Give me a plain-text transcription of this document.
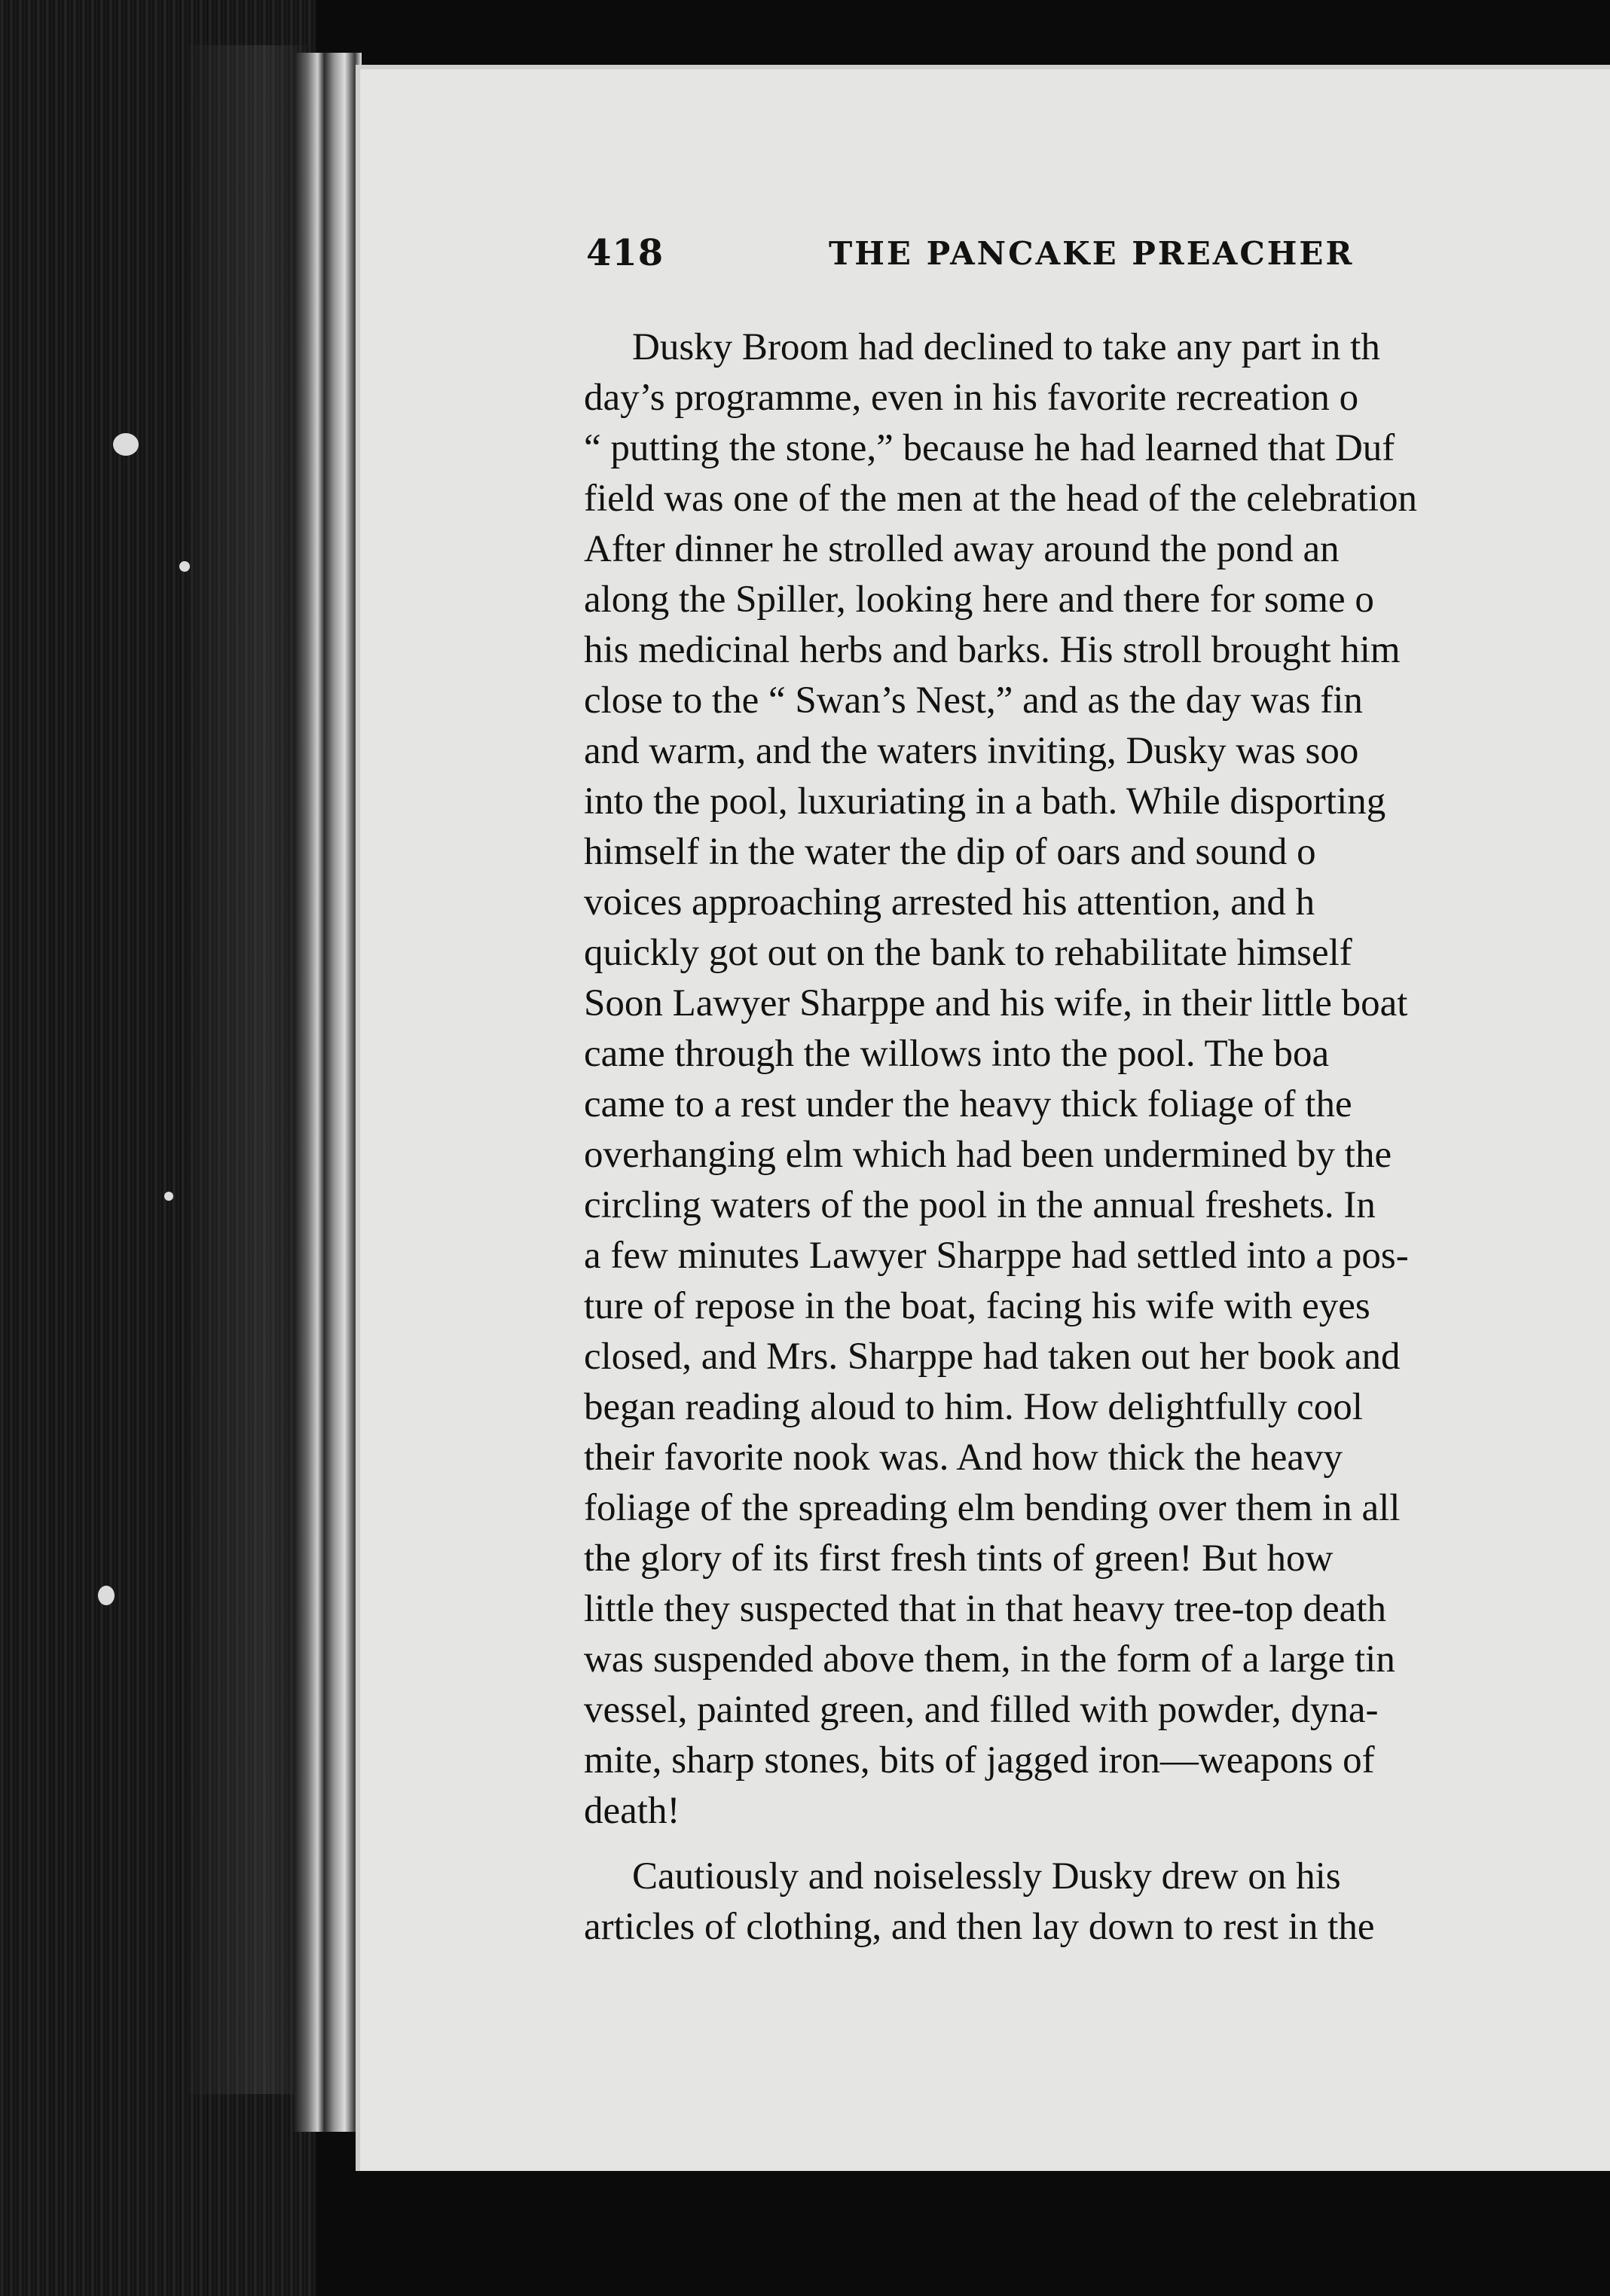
418	THE PANCAKE PREACHER
Dusky Broom had declined to take any part in th
day’s programme, even in his favorite recreation o
“ putting the stone,” because he had learned that Duf
field was one of the men at the head of the celebration
After dinner he strolled away around the pond an
along the Spiller, looking here and there for some o
his medicinal herbs and barks. His stroll brought him
close to the “ Swan’s Nest,” and as the day was fin
and warm, and the waters inviting, Dusky was soo
into the pool, luxuriating in a bath. While disporting
himself in the water the dip of oars and sound o
voices approaching arrested his attention, and h
quickly got out on the bank to rehabilitate himself
Soon Lawyer Sharppe and his wife, in their little boat
came through the willows into the pool. The boa
came to a rest under the heavy thick foliage of the
overhanging elm which had been undermined by the
circling waters of the pool in the annual freshets. In
a few minutes Lawyer Sharppe had settled into a pos-
ture of repose in the boat, facing his wife with eyes
closed, and Mrs. Sharppe had taken out her book and
began reading aloud to him. How delightfully cool
their favorite nook was. And how thick the heavy
foliage of the spreading elm bending over them in all
the glory of its first fresh tints of green! But how
little they suspected that in that heavy tree-top death
was suspended above them, in the form of a large tin
vessel, painted green, and filled with powder, dyna-
mite, sharp stones, bits of jagged iron—weapons of
death!
Cautiously and noiselessly Dusky drew on his
articles of clothing, and then lay down to rest in the
